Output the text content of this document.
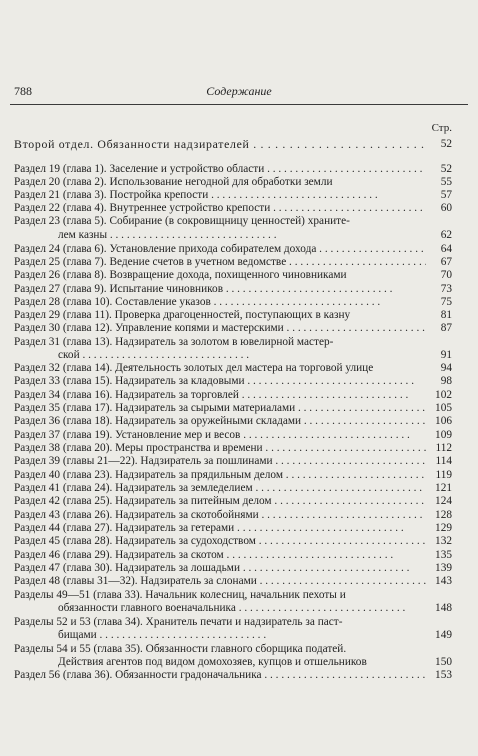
788	Содержание
Стр.
Второй отдел. Обязанности надзирателей . . .	52
Раздел 19 (глава 1). Заселение и устройство области . . .	52
Раздел 20 (глава 2). Использование негодной для обработки земли	55
Раздел 21 (глава 3). Постройка крепости . . .	57
Раздел 22 (глава 4). Внутреннее устройство крепости . . .	60
Раздел 23 (глава 5). Собирание (в сокровищницу ценностей) храните-
лем казны . . .	62
Раздел 24 (глава 6). Установление прихода собирателем дохода . . .	64
Раздел 25 (глава 7). Ведение счетов в учетном ведомстве . . .	67
Раздел 26 (глава 8). Возвращение дохода, похищенного чиновниками	70
Раздел 27 (глава 9). Испытание чиновников . . .	73
Раздел 28 (глава 10). Составление указов . . .	75
Раздел 29 (глава 11). Проверка драгоценностей, поступающих в казну	81
Раздел 30 (глава 12). Управление копями и мастерскими . . .	87
Раздел 31 (глава 13). Надзиратель за золотом в ювелирной мастер-
ской . . .	91
Раздел 32 (глава 14). Деятельность золотых дел мастера на торговой улице	94
Раздел 33 (глава 15). Надзиратель за кладовыми . . .	98
Раздел 34 (глава 16). Надзиратель за торговлей . . .	102
Раздел 35 (глава 17). Надзиратель за сырыми материалами . . .	105
Раздел 36 (глава 18). Надзиратель за оружейными складами . . .	106
Раздел 37 (глава 19). Установление мер и весов . . .	109
Раздел 38 (глава 20). Меры пространства и времени . . .	112
Раздел 39 (главы 21—22). Надзиратель за пошлинами . . .	114
Раздел 40 (глава 23). Надзиратель за прядильным делом . . .	119
Раздел 41 (глава 24). Надзиратель за земледелием . . .	121
Раздел 42 (глава 25). Надзиратель за питейным делом . . .	124
Раздел 43 (глава 26). Надзиратель за скотобойнями . . .	128
Раздел 44 (глава 27). Надзиратель за гетерами . . .	129
Раздел 45 (глава 28). Надзиратель за судоходством . . .	132
Раздел 46 (глава 29). Надзиратель за скотом . . .	135
Раздел 47 (глава 30). Надзиратель за лошадьми . . .	139
Раздел 48 (главы 31—32). Надзиратель за слонами . . .	143
Разделы 49—51 (глава 33). Начальник колесниц, начальник пехоты и
обязанности главного военачальника . . .	148
Разделы 52 и 53 (глава 34). Хранитель печати и надзиратель за паст-
бищами . . .	149
Разделы 54 и 55 (глава 35). Обязанности главного сборщика податей.
Действия агентов под видом домохозяев, купцов и отшельников	150
Раздел 56 (глава 36). Обязанности градоначальника . . .	153
